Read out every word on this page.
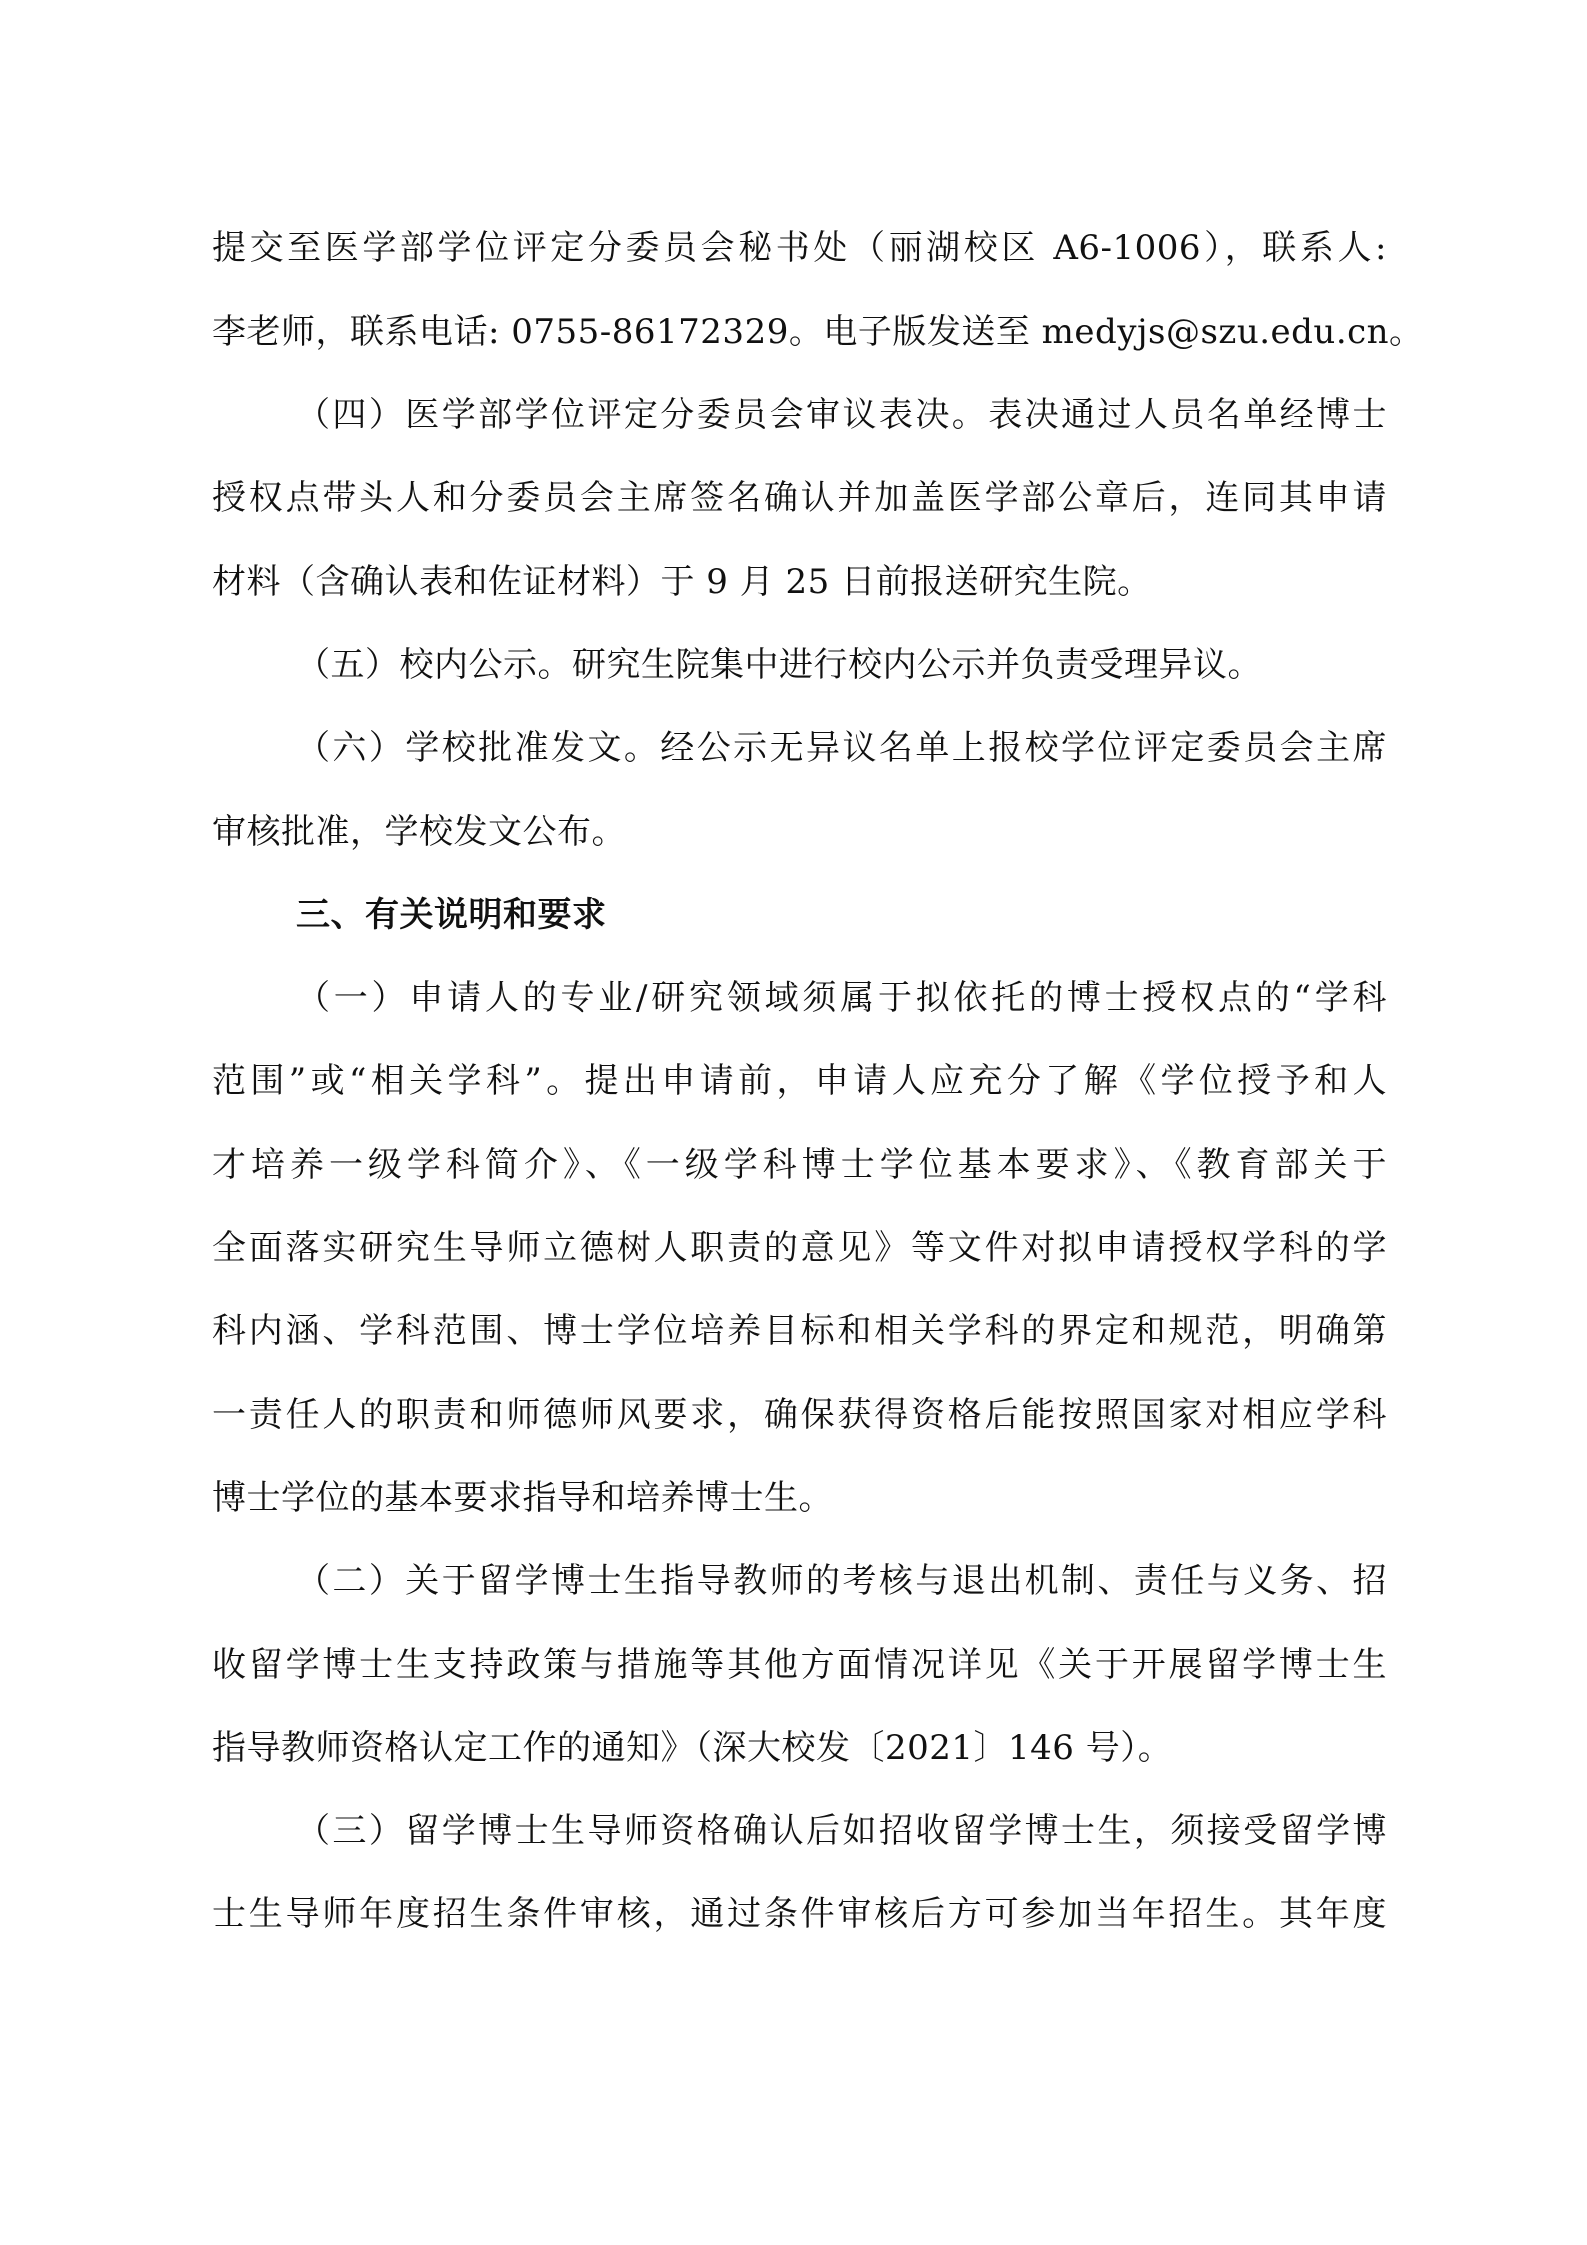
提交至医学部学位评定分委员会秘书处（丽湖校区 A6-1006），联系人:

李老师，联系电话: 0755-86172329。电子版发送至 medyjs@szu.edu.cn。

（四）医学部学位评定分委员会审议表决。表决通过人员名单经博士

授权点带头人和分委员会主席签名确认并加盖医学部公章后，连同其申请

材料（含确认表和佐证材料）于 9 月 25 日前报送研究生院。

（五）校内公示。研究生院集中进行校内公示并负责受理异议。

（六）学校批准发文。经公示无异议名单上报校学位评定委员会主席

审核批准，学校发文公布。

三、有关说明和要求

（一）申请人的专业/研究领域须属于拟依托的博士授权点的“学科

范围”或“相关学科”。提出申请前，申请人应充分了解《学位授予和人

才培养一级学科简介》、《一级学科博士学位基本要求》、《教育部关于

全面落实研究生导师立德树人职责的意见》等文件对拟申请授权学科的学

科内涵、学科范围、博士学位培养目标和相关学科的界定和规范，明确第

一责任人的职责和师德师风要求，确保获得资格后能按照国家对相应学科

博士学位的基本要求指导和培养博士生。

（二）关于留学博士生指导教师的考核与退出机制、责任与义务、招

收留学博士生支持政策与措施等其他方面情况详见《关于开展留学博士生

指导教师资格认定工作的通知》（深大校发〔2021〕146 号）。

（三）留学博士生导师资格确认后如招收留学博士生，须接受留学博

士生导师年度招生条件审核，通过条件审核后方可参加当年招生。其年度
